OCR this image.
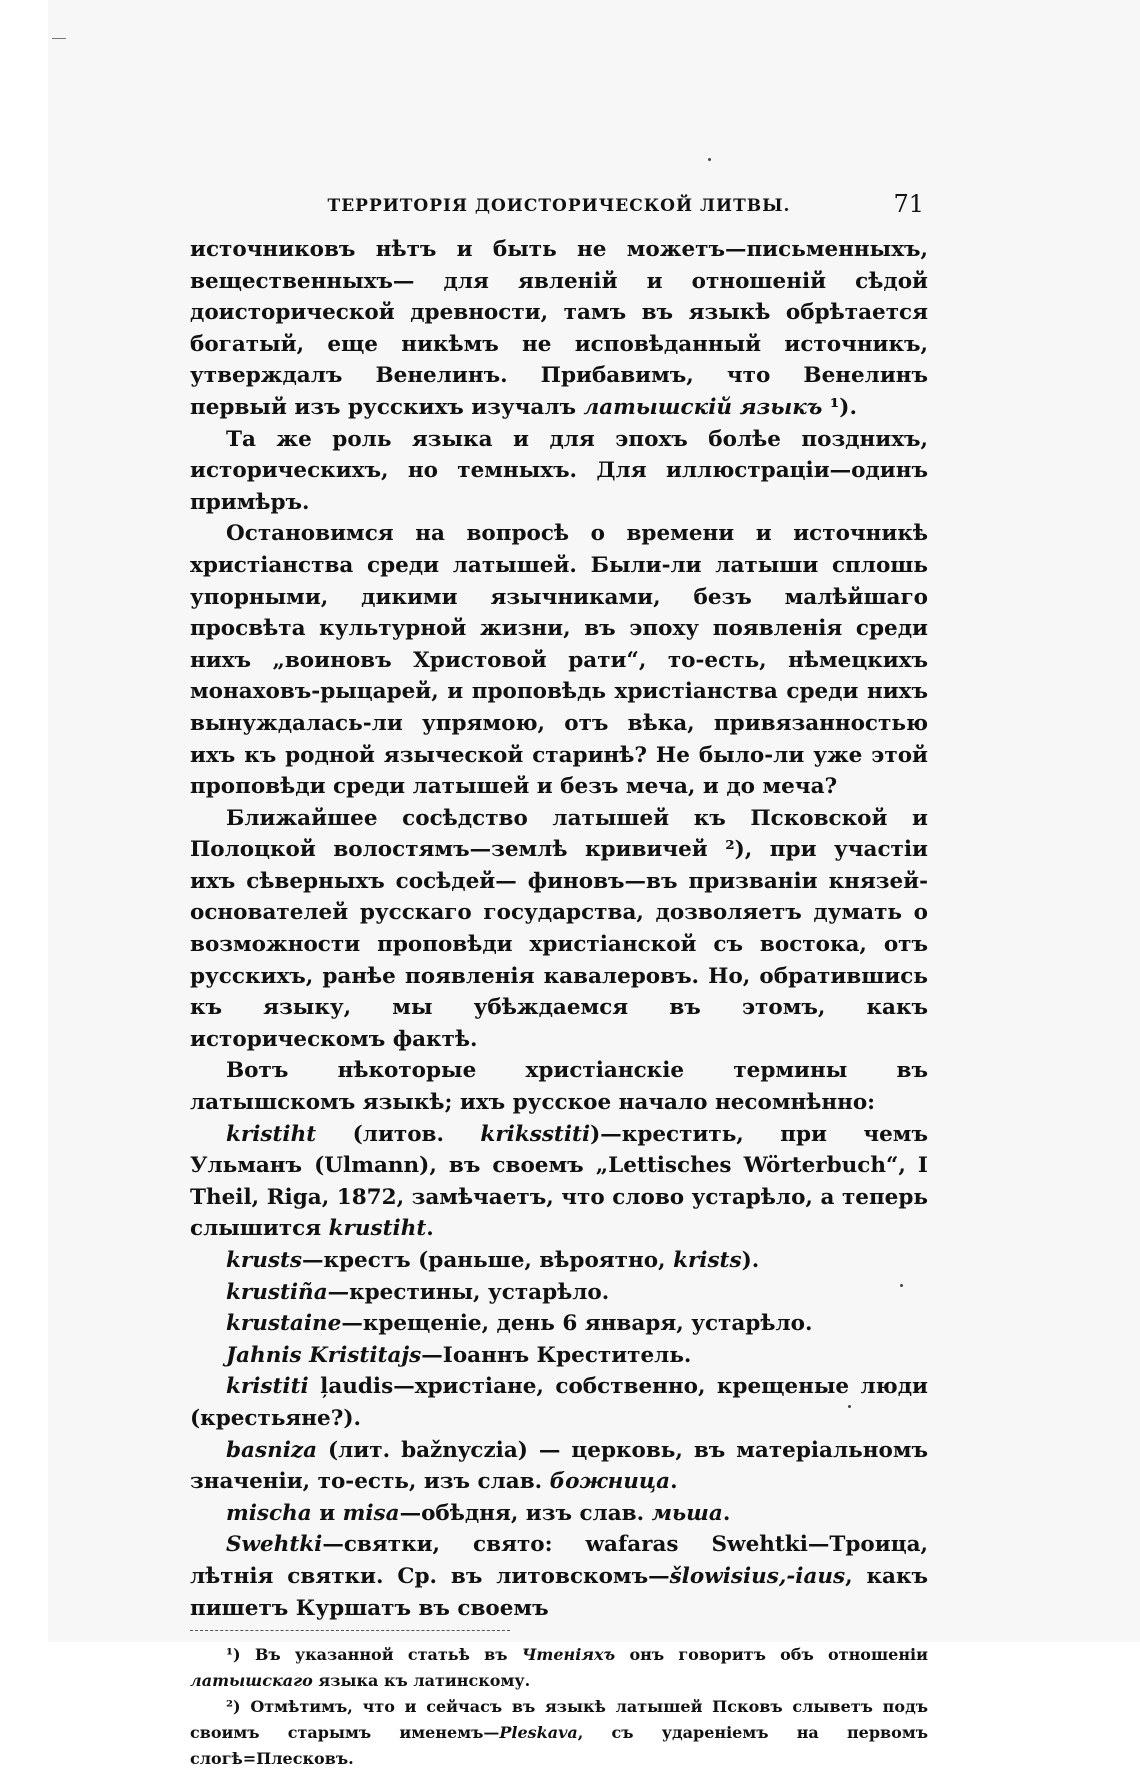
ТЕРРИТОРІЯ ДОИСТОРИЧЕСКОЙ ЛИТВЫ.	71

источниковъ нѣтъ и быть не можетъ—письменныхъ, вещественныхъ— для явленій и отношеній сѣдой доисторической древности, тамъ въ языкѣ обрѣтается богатый, еще никѣмъ не исповѣданный источникъ, утверждалъ Венелинъ. Прибавимъ, что Венелинъ первый изъ русскихъ изучалъ латышскій языкъ ¹).

Та же роль языка и для эпохъ болѣе позднихъ, историческихъ, но темныхъ. Для иллюстраціи—одинъ примѣръ.

Остановимся на вопросѣ о времени и источникѣ христіанства среди латышей. Были-ли латыши сплошь упорными, дикими язычниками, безъ малѣйшаго просвѣта культурной жизни, въ эпоху появленія среди нихъ „воиновъ Христовой рати“, то-есть, нѣмецкихъ монаховъ-рыцарей, и проповѣдь христіанства среди нихъ вынуждалась-ли упрямою, отъ вѣка, привязанностью ихъ къ родной языческой старинѣ? Не было-ли уже этой проповѣди среди латышей и безъ меча, и до меча?

Ближайшее сосѣдство латышей къ Псковской и Полоцкой волостямъ—землѣ кривичей ²), при участіи ихъ сѣверныхъ сосѣдей— финовъ—въ призваніи князей-основателей русскаго государства, дозволяетъ думать о возможности проповѣди христіанской съ востока, отъ русскихъ, ранѣе появленія кавалеровъ. Но, обратившись къ языку, мы убѣждаемся въ этомъ, какъ историческомъ фактѣ.

Вотъ нѣкоторые христіанскіе термины въ латышскомъ языкѣ; ихъ русское начало несомнѣнно:

kristiht (литов. kriksstiti)—крестить, при чемъ Ульманъ (Ulmann), въ своемъ „Lettisches Wörterbuch“, I Theil, Riga, 1872, замѣчаетъ, что слово устарѣло, а теперь слышится krustiht.

krusts—крестъ (раньше, вѣроятно, krists).

krustiña—крестины, устарѣло.

krustaine—крещеніе, день 6 января, устарѣло.

Jahnis Kristitajs—Іоаннъ Креститель.

kristiti ļaudis—христіане, собственно, крещеные люди (крестьяне?).

basniza (лит. bažnyczia) — церковь, въ матеріальномъ значеніи, то-есть, изъ слав. божница.

mischa и misa—обѣдня, изъ слав. мьша.

Swehtki—святки, свято: wafaras Swehtki—Троица, лѣтнія святки. Ср. въ литовскомъ—šlowisius,-iaus, какъ пишетъ Куршатъ въ своемъ

¹) Въ указанной статьѣ въ Чтеніяхъ онъ говоритъ объ отношеніи латышскаго языка къ латинскому.

²) Отмѣтимъ, что и сейчасъ въ языкѣ латышей Псковъ слыветъ подъ своимъ старымъ именемъ—Pleskava, съ удареніемъ на первомъ слогѣ=Плесковъ.
